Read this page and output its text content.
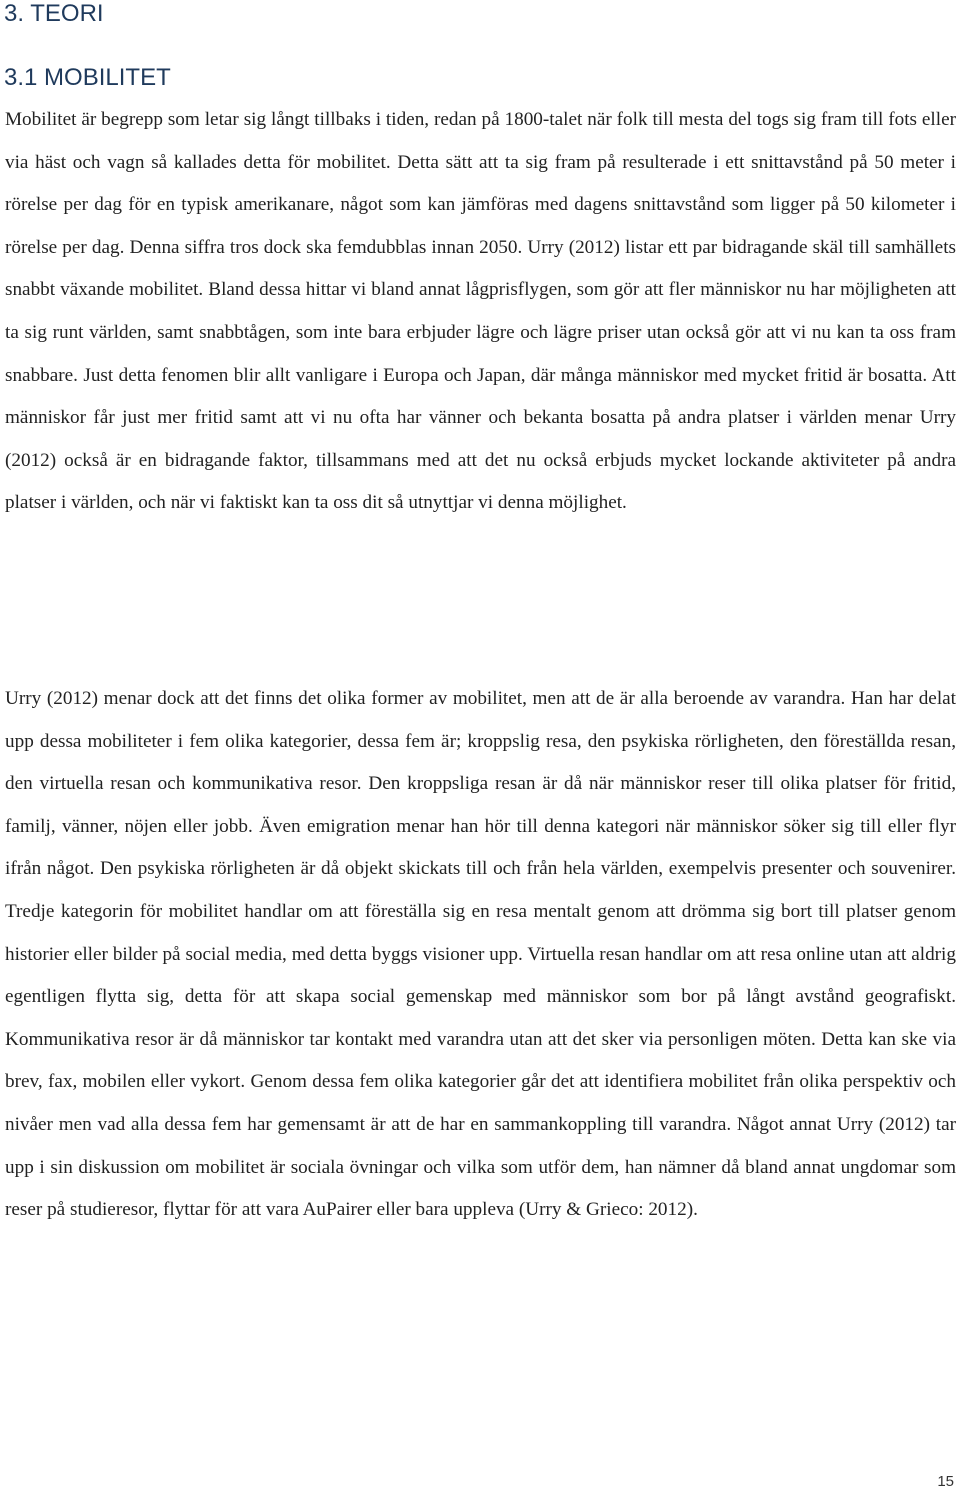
3. TEORI
3.1 MOBILITET

Mobilitet är begrepp som letar sig långt tillbaks i tiden, redan på 1800-talet när folk till mesta del togs sig fram till fots eller via häst och vagn så kallades detta för mobilitet. Detta sätt att ta sig fram på resulterade i ett snittavstånd på 50 meter i rörelse per dag för en typisk amerikanare, något som kan jämföras med dagens snittavstånd som ligger på 50 kilometer i rörelse per dag. Denna siffra tros dock ska femdubblas innan 2050. Urry (2012) listar ett par bidragande skäl till samhällets snabbt växande mobilitet. Bland dessa hittar vi bland annat lågprisflygen, som gör att fler människor nu har möjligheten att ta sig runt världen, samt snabbtågen, som inte bara erbjuder lägre och lägre priser utan också gör att vi nu kan ta oss fram snabbare. Just detta fenomen blir allt vanligare i Europa och Japan, där många människor med mycket fritid är bosatta. Att människor får just mer fritid samt att vi nu ofta har vänner och bekanta bosatta på andra platser i världen menar Urry (2012) också är en bidragande faktor, tillsammans med att det nu också erbjuds mycket lockande aktiviteter på andra platser i världen, och när vi faktiskt kan ta oss dit så utnyttjar vi denna möjlighet.

Urry (2012) menar dock att det finns det olika former av mobilitet, men att de är alla beroende av varandra. Han har delat upp dessa mobiliteter i fem olika kategorier, dessa fem är; kroppslig resa, den psykiska rörligheten, den föreställda resan, den virtuella resan och kommunikativa resor. Den kroppsliga resan är då när människor reser till olika platser för fritid, familj, vänner, nöjen eller jobb. Även emigration menar han hör till denna kategori när människor söker sig till eller flyr ifrån något. Den psykiska rörligheten är då objekt skickats till och från hela världen, exempelvis presenter och souvenirer. Tredje kategorin för mobilitet handlar om att föreställa sig en resa mentalt genom att drömma sig bort till platser genom historier eller bilder på social media, med detta byggs visioner upp. Virtuella resan handlar om att resa online utan att aldrig egentligen flytta sig, detta för att skapa social gemenskap med människor som bor på långt avstånd geografiskt. Kommunikativa resor är då människor tar kontakt med varandra utan att det sker via personligen möten. Detta kan ske via brev, fax, mobilen eller vykort. Genom dessa fem olika kategorier går det att identifiera mobilitet från olika perspektiv och nivåer men vad alla dessa fem har gemensamt är att de har en sammankoppling till varandra. Något annat Urry (2012) tar upp i sin diskussion om mobilitet är sociala övningar och vilka som utför dem, han nämner då bland annat ungdomar som reser på studieresor, flyttar för att vara AuPairer eller bara uppleva (Urry & Grieco: 2012).

15
